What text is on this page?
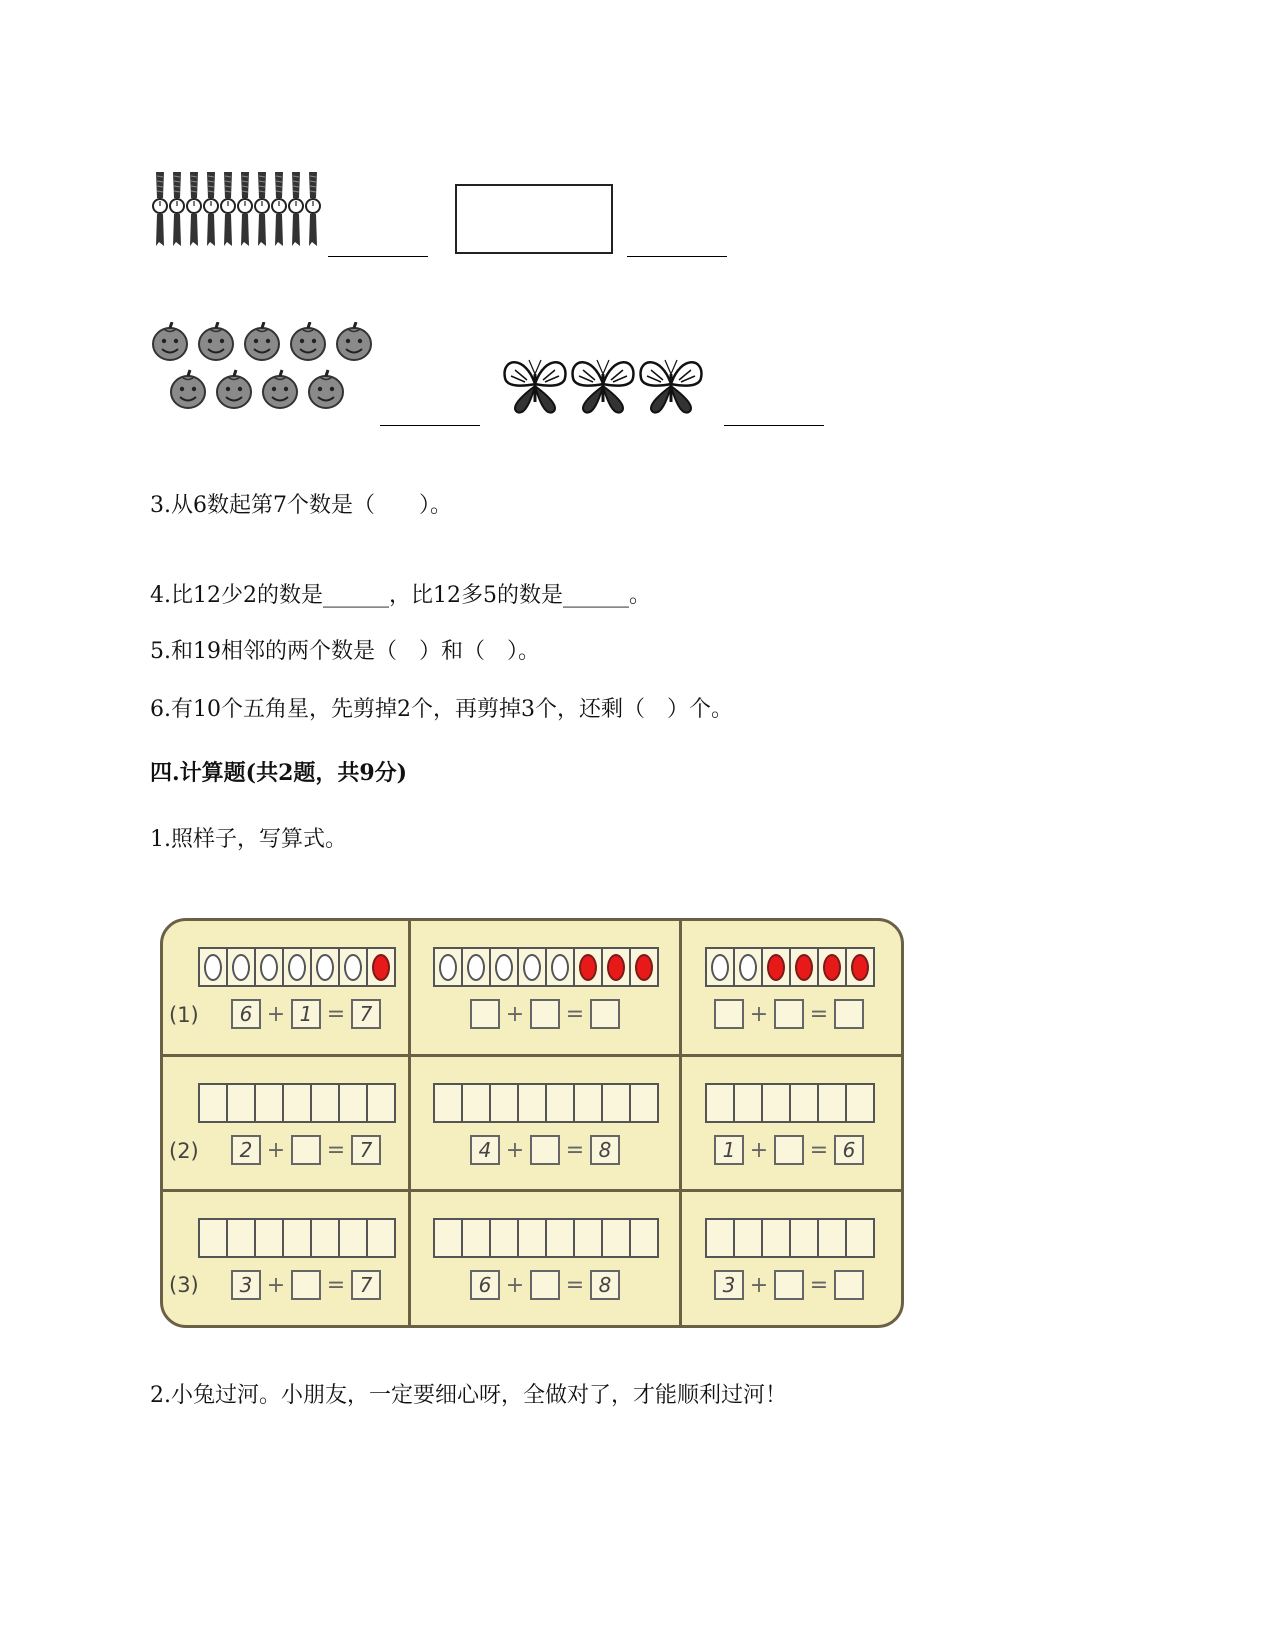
3.从6数起第7个数是（　　）。
4.比12少2的数是______，比12多5的数是______。
5.和19相邻的两个数是（　）和（　）。
6.有10个五角星，先剪掉2个，再剪掉3个，还剩（　）个。
四.计算题(共2题，共9分)
1.照样子，写算式。
(1)
(2)
(3)
6 + 1 = 7	+ =	+ =
2 + = 7	4 + = 8	1 + = 6
3 + = 7	6 + = 8	3 + =
2.小兔过河。小朋友，一定要细心呀，全做对了，才能顺利过河！
